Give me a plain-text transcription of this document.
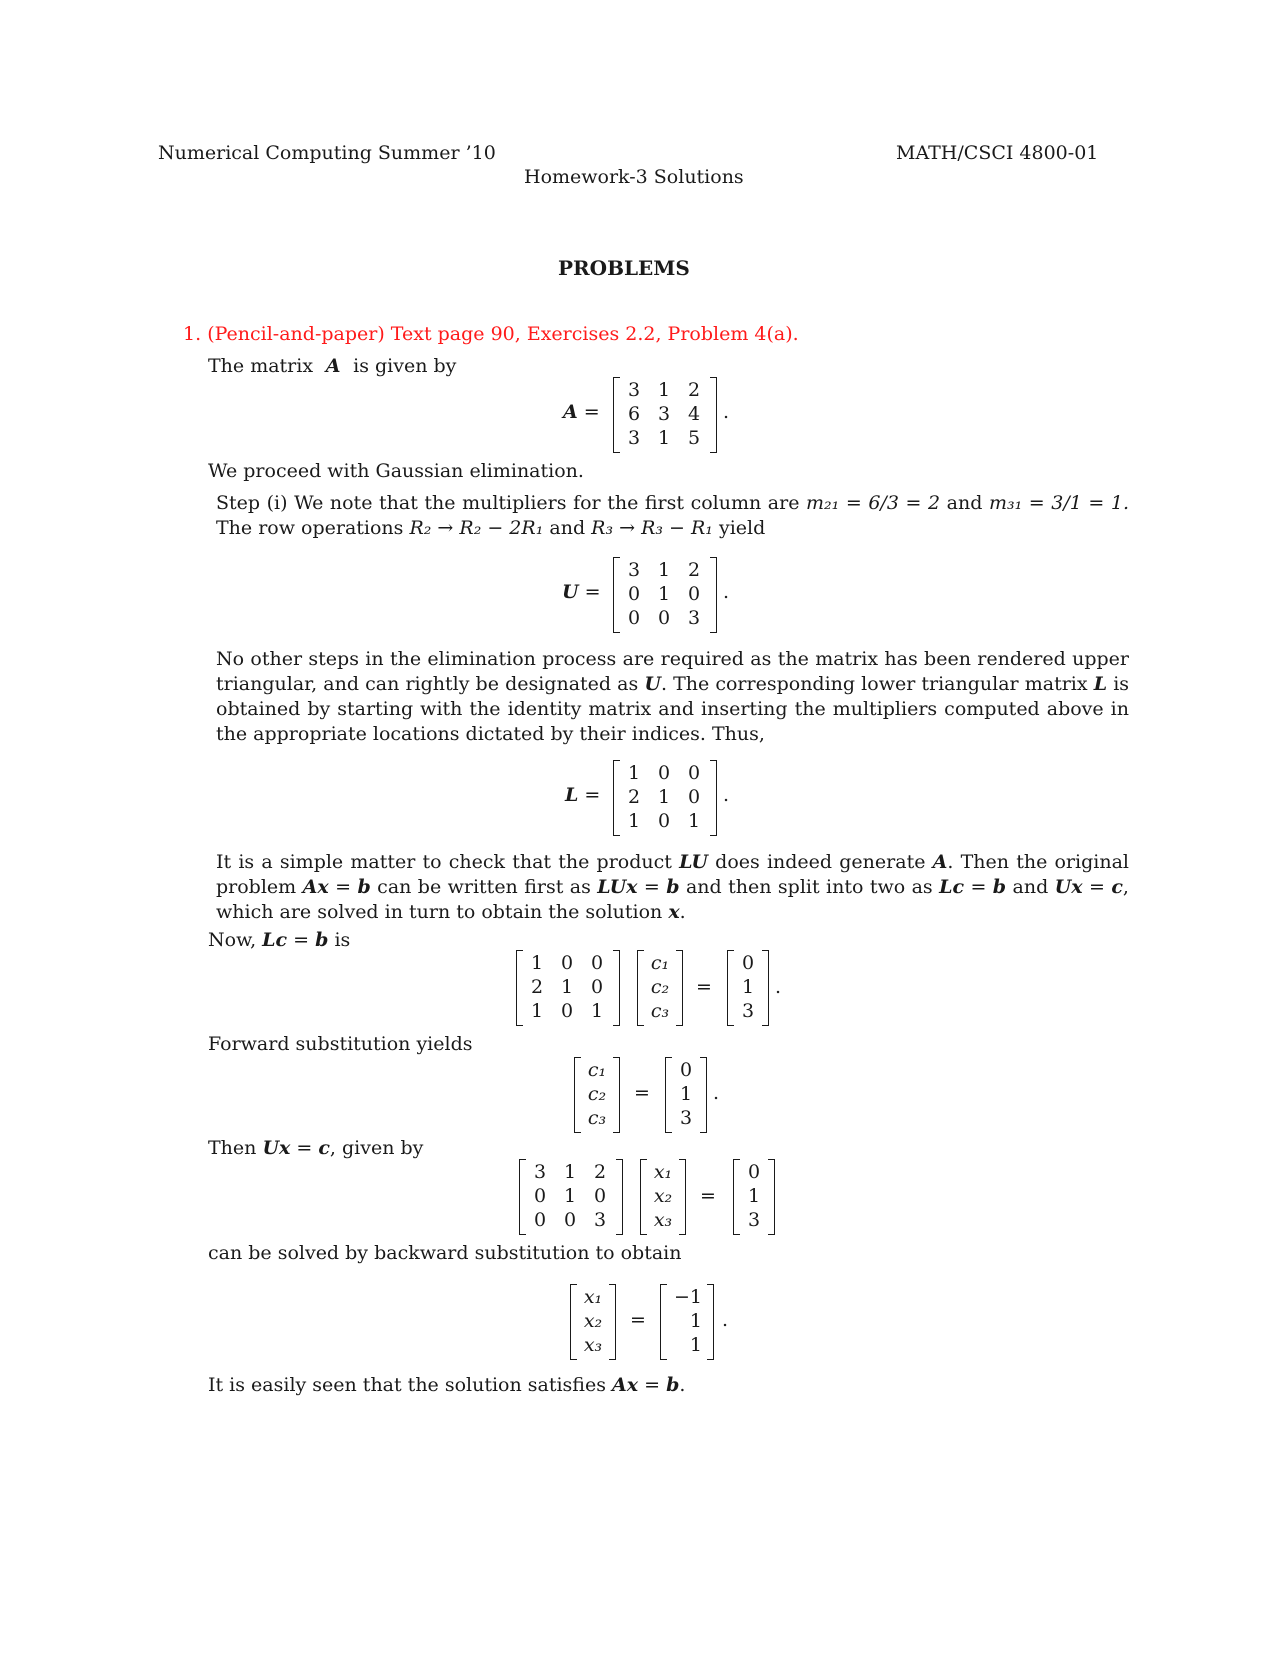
Numerical Computing Summer ’10	MATH/CSCI 4800-01
Homework-3 Solutions
PROBLEMS
1. (Pencil-and-paper) Text page 90, Exercises 2.2, Problem 4(a).
The matrix  A  is given by
A =
3 1 2
6 3 4
3 1 5
.
We proceed with Gaussian elimination.
Step (i) We note that the multipliers for the first column are m₂₁ = 6/3 = 2 and m₃₁ = 3/1 = 1. The row operations R₂ → R₂ − 2R₁ and R₃ → R₃ − R₁ yield
U =
3 1 2
0 1 0
0 0 3
.
No other steps in the elimination process are required as the matrix has been rendered upper triangular, and can rightly be designated as U. The corresponding lower triangular matrix L is obtained by starting with the identity matrix and inserting the multipliers computed above in the appropriate locations dictated by their indices. Thus,
L =
1 0 0
2 1 0
1 0 1
.
It is a simple matter to check that the product LU does indeed generate A. Then the original problem Ax = b can be written first as LUx = b and then split into two as Lc = b and Ux = c, which are solved in turn to obtain the solution x.
Now, Lc = b is
1 0 0
2 1 0
1 0 1
c₁
c₂
c₃
=
0
1
3
.
Forward substitution yields
c₁
c₂
c₃
=
0
1
3
.
Then Ux = c, given by
3 1 2
0 1 0
0 0 3
x₁
x₂
x₃
=
0
1
3
can be solved by backward substitution to obtain
x₁
x₂
x₃
=
−1
1
1
.
It is easily seen that the solution satisfies Ax = b.
